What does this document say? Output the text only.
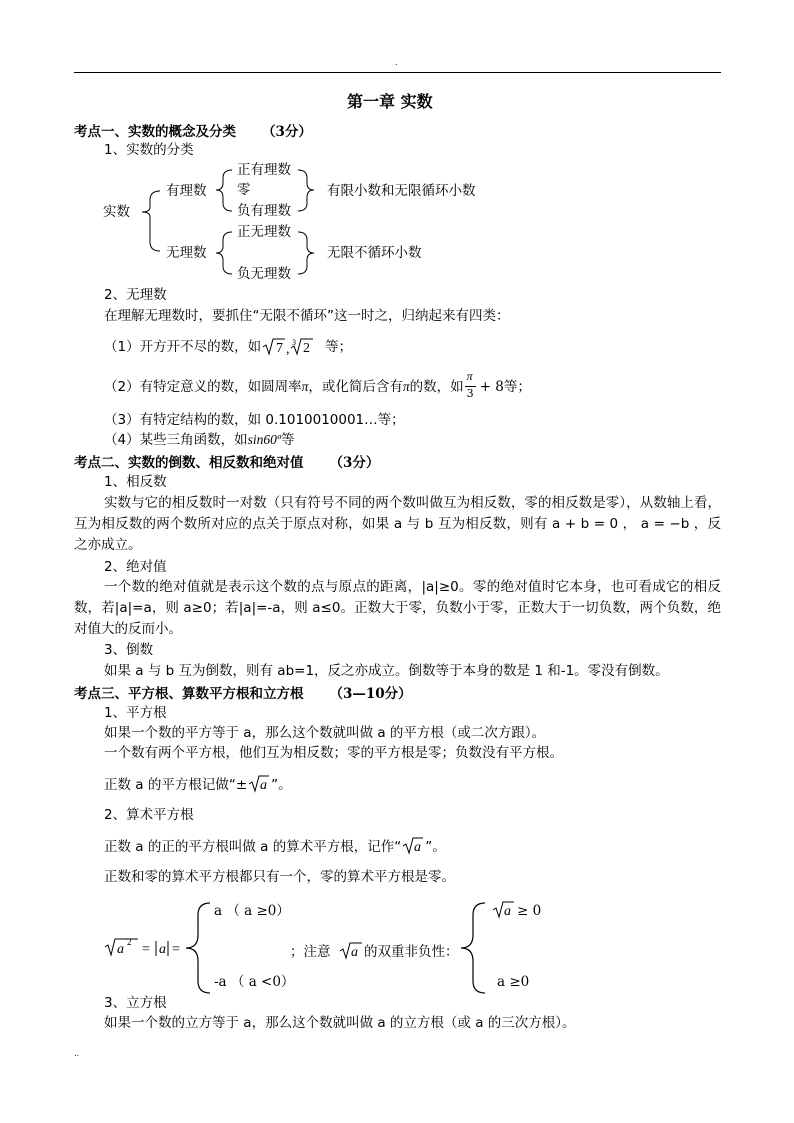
.
第一章 实数
考点一、实数的概念及分类 （3分）
1、实数的分类
实数
有理数
无理数
正有理数
零
负有理数
正无理数
负无理数
有限小数和无限循环小数
无限不循环小数
2、无理数
在理解无理数时，要抓住“无限不循环”这一时之，归纳起来有四类：
（1）开方开不尽的数，如 7 , 3 2 等；
（2）有特定意义的数，如圆周率π，或化简后含有π的数，如 $\frac{\pi}{3} + 8$等；
（3）有特定结构的数，如 0.1010010001…等；
（4）某些三角函数，如sin60º等
考点二、实数的倒数、相反数和绝对值 （3分）
1、相反数
实数与它的相反数时一对数（只有符号不同的两个数叫做互为相反数，零的相反数是零），从数轴上看，互为相反数的两个数所对应的点关于原点对称，如果 a 与 b 互为相反数，则有 a + b = 0 ， a = −b ，反之亦成立。
2、绝对值
一个数的绝对值就是表示这个数的点与原点的距离，|a|≥0。零的绝对值时它本身，也可看成它的相反数，若|a|=a，则 a≥0；若|a|=-a，则 a≤0。正数大于零，负数小于零，正数大于一切负数，两个负数，绝对值大的反而小。
3、倒数
如果 a 与 b 互为倒数，则有 ab=1，反之亦成立。倒数等于本身的数是 1 和-1。零没有倒数。
考点三、平方根、算数平方根和立方根 （3—10分）
1、平方根
如果一个数的平方等于 a，那么这个数就叫做 a 的平方根（或二次方跟）。
一个数有两个平方根，他们互为相反数；零的平方根是零；负数没有平方根。
正数 a 的平方根记做“± a ”。
2、算术平方根
正数 a 的正的平方根叫做 a 的算术平方根，记作“ a ”。
正数和零的算术平方根都只有一个，零的算术平方根是零。
a 2 = a =	a
a
a （ a ≥0）
-a （ a <0）
；注意 的双重非负性：
≥ 0
a ≥0
3、立方根
如果一个数的立方等于 a，那么这个数就叫做 a 的立方根（或 a 的三次方根）。
..
